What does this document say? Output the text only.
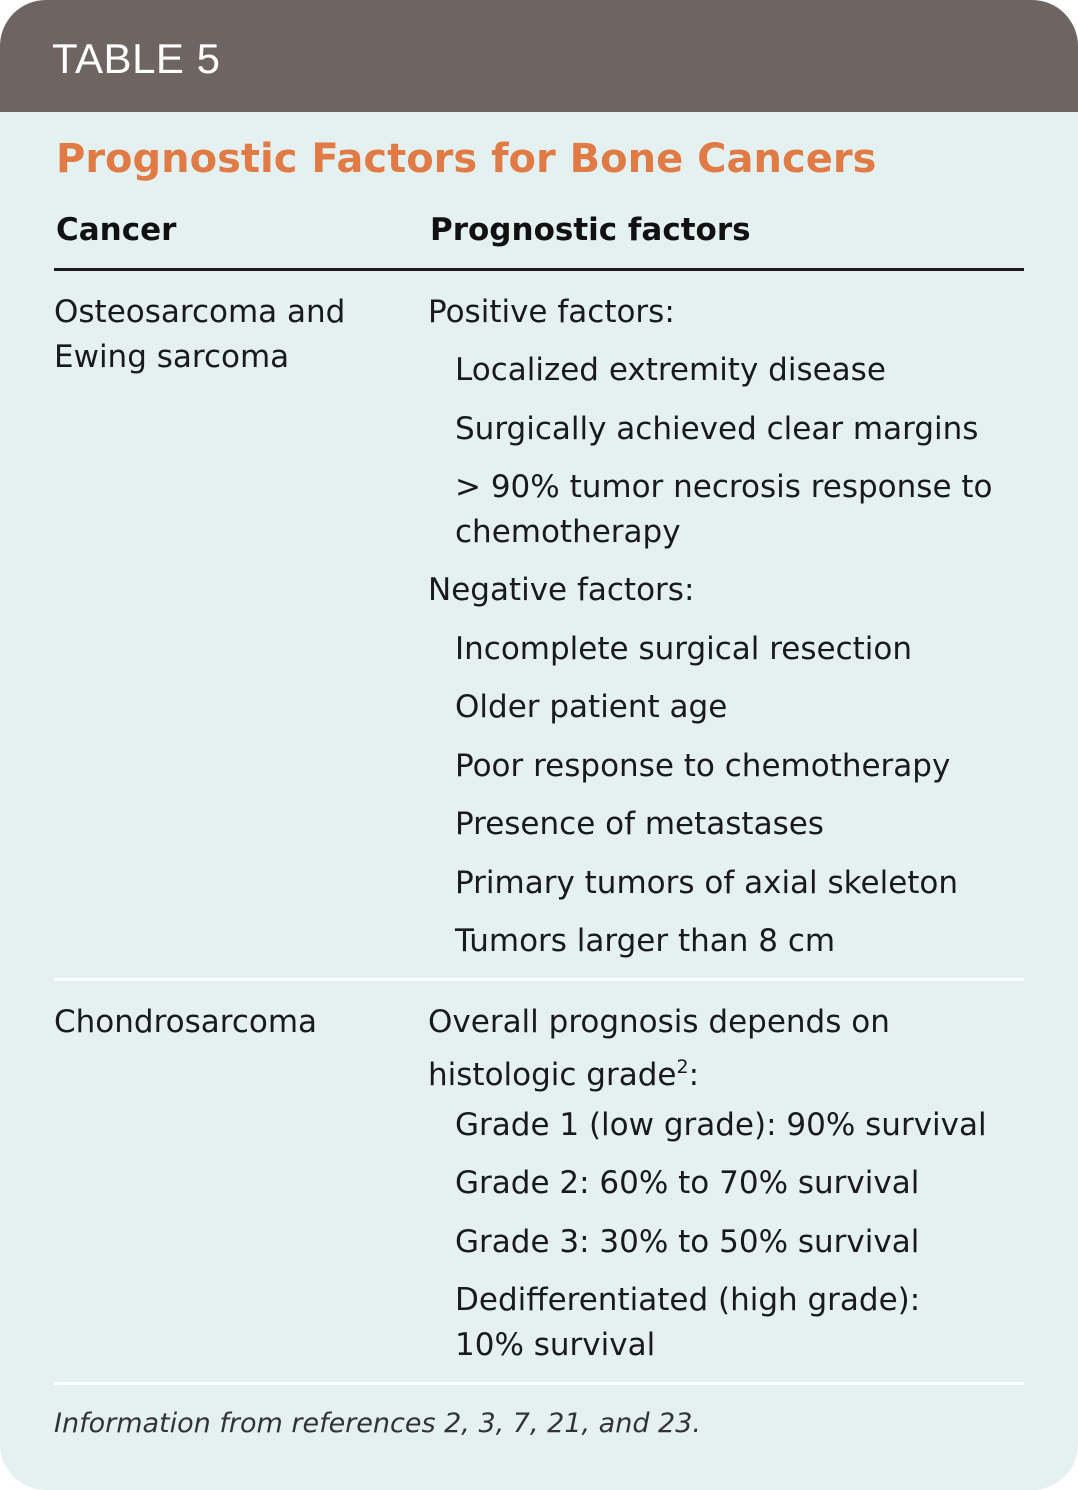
TABLE 5
Prognostic Factors for Bone Cancers
Cancer	Prognostic factors
Osteosarcoma and
Ewing sarcoma
Positive factors:
Localized extremity disease
Surgically achieved clear margins
> 90% tumor necrosis response to
chemotherapy
Negative factors:
Incomplete surgical resection
Older patient age
Poor response to chemotherapy
Presence of metastases
Primary tumors of axial skeleton
Tumors larger than 8 cm
Chondrosarcoma	Overall prognosis depends on
histologic grade$^2$:
Grade 1 (low grade): 90% survival
Grade 2: 60% to 70% survival
Grade 3: 30% to 50% survival
Dedifferentiated (high grade):
10% survival
Information from references 2, 3, 7, 21, and 23.
